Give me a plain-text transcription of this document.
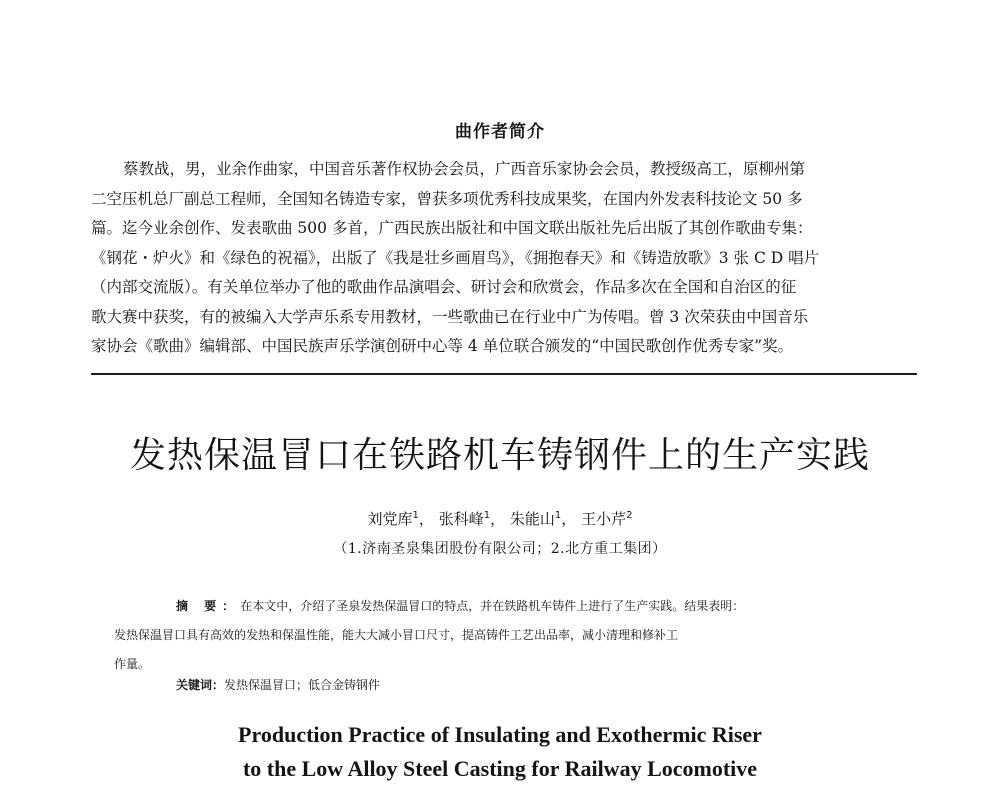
曲作者简介
蔡教战，男，业余作曲家，中国音乐著作权协会会员，广西音乐家协会会员，教授级高工，原柳州第
二空压机总厂副总工程师，全国知名铸造专家，曾获多项优秀科技成果奖，在国内外发表科技论文 50 多
篇。迄今业余创作、发表歌曲 500 多首，广西民族出版社和中国文联出版社先后出版了其创作歌曲专集：
《钢花・炉火》和《绿色的祝福》，出版了《我是壮乡画眉鸟》，《拥抱春天》和《铸造放歌》3 张 C D 唱片
（内部交流版）。有关单位举办了他的歌曲作品演唱会、研讨会和欣赏会，作品多次在全国和自治区的征
歌大赛中获奖，有的被编入大学声乐系专用教材，一些歌曲已在行业中广为传唱。曾 3 次荣获由中国音乐
家协会《歌曲》编辑部、中国民族声乐学演创研中心等 4 单位联合颁发的“中国民歌创作优秀专家”奖。
发热保温冒口在铁路机车铸钢件上的生产实践
刘党库$^1$， 张科峰$^1$， 朱能山$^1$， 王小芹$^2$
（1.济南圣泉集团股份有限公司；2.北方重工集团）
摘 要：在本文中，介绍了圣泉发热保温冒口的特点，并在铁路机车铸件上进行了生产实践。结果表明：
发热保温冒口具有高效的发热和保温性能，能大大减小冒口尺寸，提高铸件工艺出品率，减小清理和修补工
作量。
关键词：发热保温冒口；低合金铸钢件
Production Practice of Insulating and Exothermic Riser
to the Low Alloy Steel Casting for Railway Locomotive
